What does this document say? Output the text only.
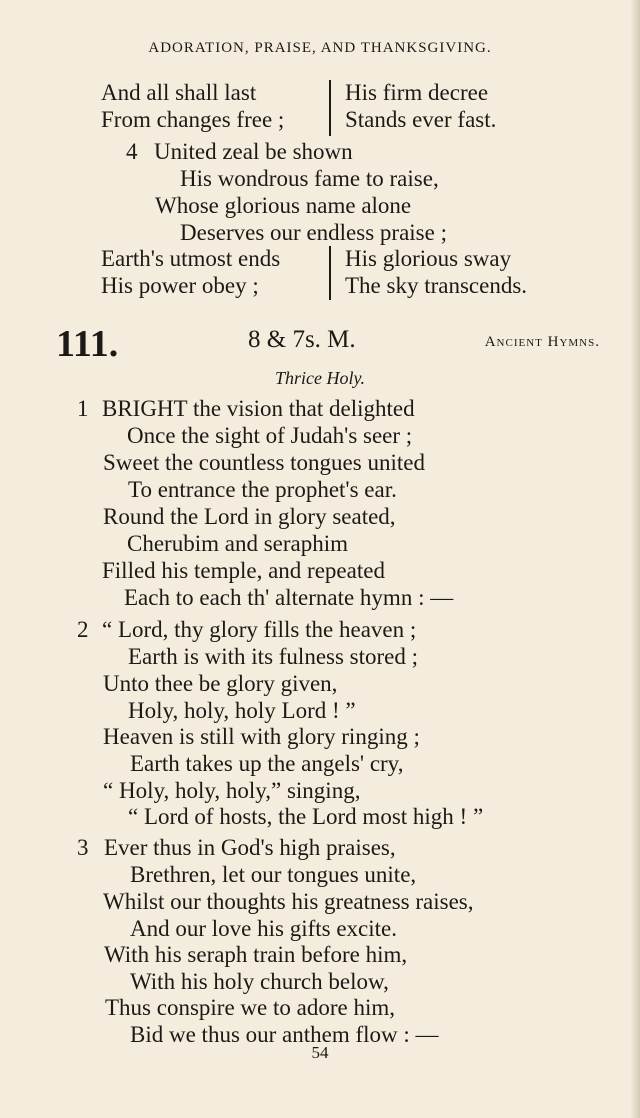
ADORATION, PRAISE, AND THANKSGIVING.
And all shall last
From changes free ;
His firm decree
Stands ever fast.
4 United zeal be shown
His wondrous fame to raise,
Whose glorious name alone
Deserves our endless praise ;
Earth's utmost ends
His power obey ;
His glorious sway
The sky transcends.
111.	8 & 7s. M.	Ancient Hymns.
Thrice Holy.
1 BRIGHT the vision that delighted
Once the sight of Judah's seer ;
Sweet the countless tongues united
To entrance the prophet's ear.
Round the Lord in glory seated,
Cherubim and seraphim
Filled his temple, and repeated
Each to each th' alternate hymn : —
2 “ Lord, thy glory fills the heaven ;
Earth is with its fulness stored ;
Unto thee be glory given,
Holy, holy, holy Lord ! ”
Heaven is still with glory ringing ;
Earth takes up the angels' cry,
“ Holy, holy, holy,” singing,
“ Lord of hosts, the Lord most high ! ”
3 Ever thus in God's high praises,
Brethren, let our tongues unite,
Whilst our thoughts his greatness raises,
And our love his gifts excite.
With his seraph train before him,
With his holy church below,
Thus conspire we to adore him,
Bid we thus our anthem flow : —
54
